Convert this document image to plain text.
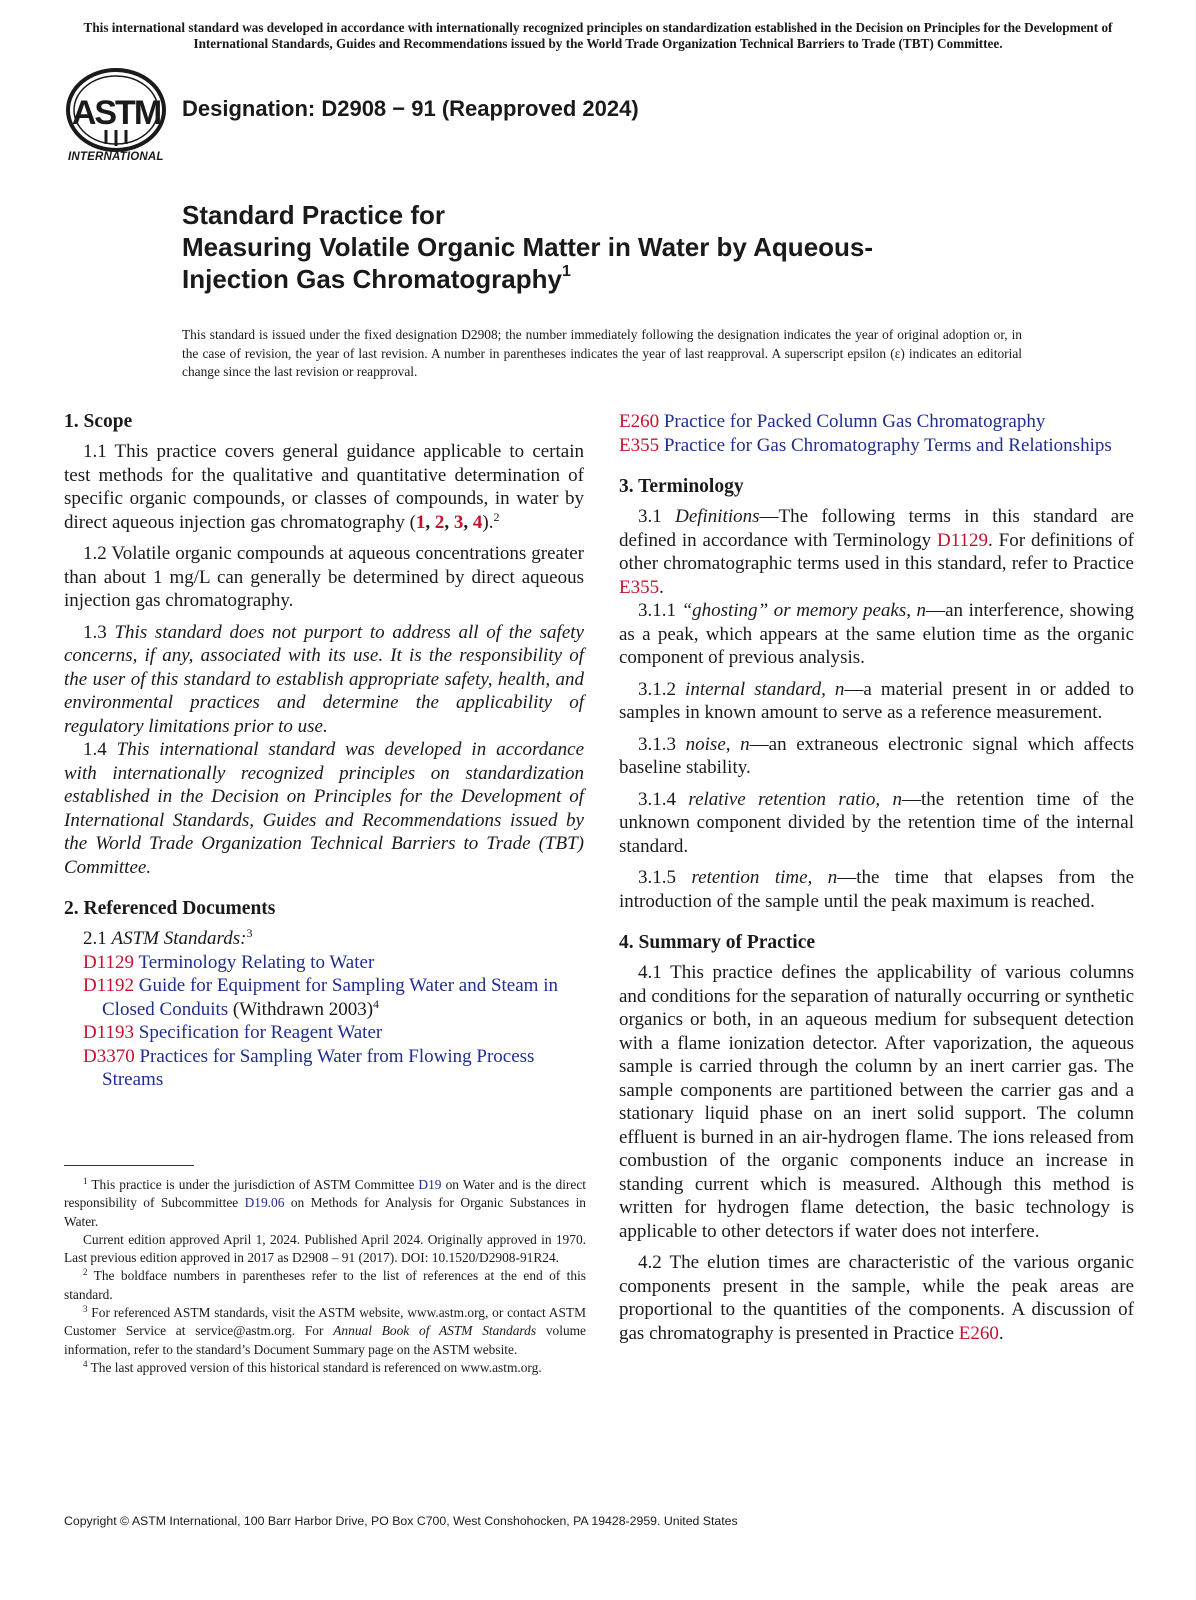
This international standard was developed in accordance with internationally recognized principles on standardization established in the Decision on Principles for the Development of International Standards, Guides and Recommendations issued by the World Trade Organization Technical Barriers to Trade (TBT) Committee.
ASTM
INTERNATIONAL
Designation: D2908 − 91 (Reapproved 2024)
Standard Practice for
Measuring Volatile Organic Matter in Water by Aqueous-
Injection Gas Chromatography$^1$
This standard is issued under the fixed designation D2908; the number immediately following the designation indicates the year of original adoption or, in the case of revision, the year of last revision. A number in parentheses indicates the year of last reapproval. A superscript epsilon (ε) indicates an editorial change since the last revision or reapproval.
1. Scope

1.1 This practice covers general guidance applicable to certain test methods for the qualitative and quantitative determination of specific organic compounds, or classes of compounds, in water by direct aqueous injection gas chromatography (1, 2, 3, 4).$^2$

1.2 Volatile organic compounds at aqueous concentrations greater than about 1 mg/L can generally be determined by direct aqueous injection gas chromatography.

1.3 This standard does not purport to address all of the safety concerns, if any, associated with its use. It is the responsibility of the user of this standard to establish appropriate safety, health, and environmental practices and determine the applicability of regulatory limitations prior to use.

1.4 This international standard was developed in accordance with internationally recognized principles on standardization established in the Decision on Principles for the Development of International Standards, Guides and Recommendations issued by the World Trade Organization Technical Barriers to Trade (TBT) Committee.

2. Referenced Documents

2.1 ASTM Standards:$^3$

D1129 Terminology Relating to Water

D1192 Guide for Equipment for Sampling Water and Steam in Closed Conduits (Withdrawn 2003)$^4$

D1193 Specification for Reagent Water

D3370 Practices for Sampling Water from Flowing Process Streams

$^1$ This practice is under the jurisdiction of ASTM Committee D19 on Water and is the direct responsibility of Subcommittee D19.06 on Methods for Analysis for Organic Substances in Water.

Current edition approved April 1, 2024. Published April 2024. Originally approved in 1970. Last previous edition approved in 2017 as D2908 – 91 (2017). DOI: 10.1520/D2908-91R24.

$^2$ The boldface numbers in parentheses refer to the list of references at the end of this standard.

$^3$ For referenced ASTM standards, visit the ASTM website, www.astm.org, or contact ASTM Customer Service at service@astm.org. For Annual Book of ASTM Standards volume information, refer to the standard’s Document Summary page on the ASTM website.

$^4$ The last approved version of this historical standard is referenced on www.astm.org.

E260 Practice for Packed Column Gas Chromatography

E355 Practice for Gas Chromatography Terms and Relationships

3. Terminology

3.1 Definitions—The following terms in this standard are defined in accordance with Terminology D1129. For definitions of other chromatographic terms used in this standard, refer to Practice E355.

3.1.1 “ghosting” or memory peaks, n—an interference, showing as a peak, which appears at the same elution time as the organic component of previous analysis.

3.1.2 internal standard, n—a material present in or added to samples in known amount to serve as a reference measurement.

3.1.3 noise, n—an extraneous electronic signal which affects baseline stability.

3.1.4 relative retention ratio, n—the retention time of the unknown component divided by the retention time of the internal standard.

3.1.5 retention time, n—the time that elapses from the introduction of the sample until the peak maximum is reached.

4. Summary of Practice

4.1 This practice defines the applicability of various columns and conditions for the separation of naturally occurring or synthetic organics or both, in an aqueous medium for subsequent detection with a flame ionization detector. After vaporization, the aqueous sample is carried through the column by an inert carrier gas. The sample components are partitioned between the carrier gas and a stationary liquid phase on an inert solid support. The column effluent is burned in an air-hydrogen flame. The ions released from combustion of the organic components induce an increase in standing current which is measured. Although this method is written for hydrogen flame detection, the basic technology is applicable to other detectors if water does not interfere.

4.2 The elution times are characteristic of the various organic components present in the sample, while the peak areas are proportional to the quantities of the components. A discussion of gas chromatography is presented in Practice E260.

Copyright © ASTM International, 100 Barr Harbor Drive, PO Box C700, West Conshohocken, PA 19428-2959. United States
